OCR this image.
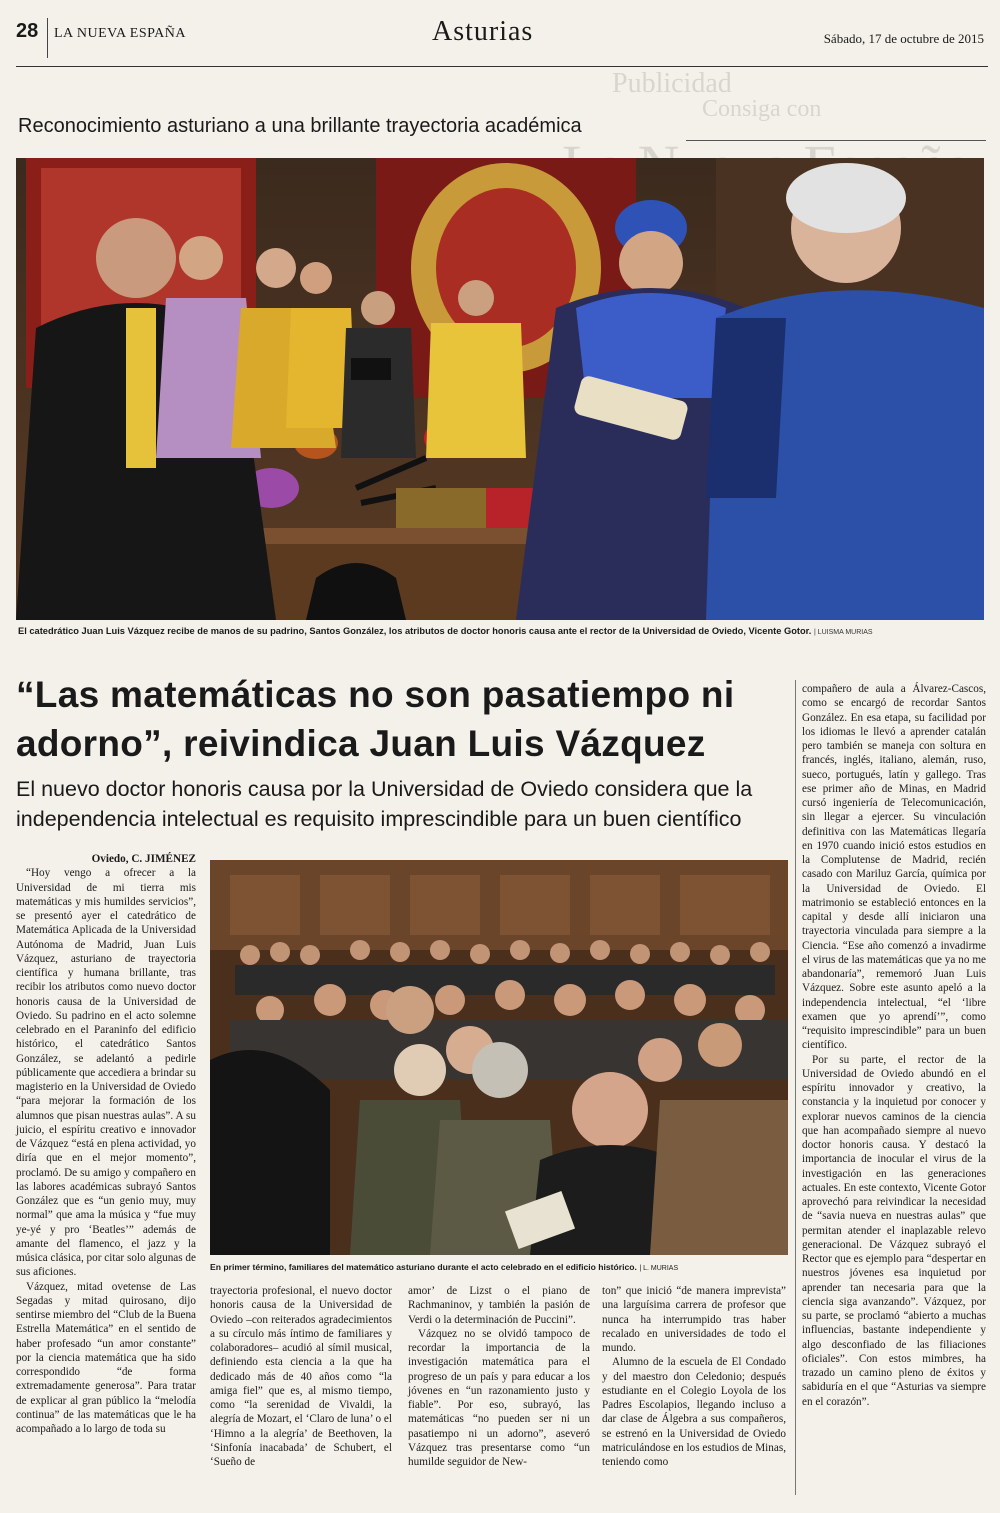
28 LA NUEVA ESPAÑA	Asturias	Sábado, 17 de octubre de 2015
Publicidad
Consiga con
Reconocimiento asturiano a una brillante trayectoria académica
El catedrático Juan Luis Vázquez recibe de manos de su padrino, Santos González, los atributos de doctor honoris causa ante el rector de la Universidad de Oviedo, Vicente Gotor. | LUISMA MURIAS
“Las matemáticas no son pasatiempo ni adorno”, reivindica Juan Luis Vázquez
El nuevo doctor honoris causa por la Universidad de Oviedo considera que la independencia intelectual es requisito imprescindible para un buen científico

Oviedo, C. JIMÉNEZ

“Hoy vengo a ofrecer a la Universidad de mi tierra mis matemáticas y mis humildes servicios”, se presentó ayer el catedrático de Matemática Aplicada de la Universidad Autónoma de Madrid, Juan Luis Vázquez, asturiano de trayectoria científica y humana brillante, tras recibir los atributos como nuevo doctor honoris causa de la Universidad de Oviedo. Su padrino en el acto solemne celebrado en el Paraninfo del edificio histórico, el catedrático Santos González, se adelantó a pedirle públicamente que accediera a brindar su magisterio en la Universidad de Oviedo “para mejorar la formación de los alumnos que pisan nuestras aulas”. A su juicio, el espíritu creativo e innovador de Vázquez “está en plena actividad, yo diría que en el mejor momento”, proclamó. De su amigo y compañero en las labores académicas subrayó Santos González que es “un genio muy, muy normal” que ama la música y “fue muy ye-yé y pro ‘Beatles’” además de amante del flamenco, el jazz y la música clásica, por citar solo algunas de sus aficiones.

Vázquez, mitad ovetense de Las Segadas y mitad quirosano, dijo sentirse miembro del “Club de la Buena Estrella Matemática” en el sentido de haber profesado “un amor constante” por la ciencia matemática que ha sido correspondido “de forma extremadamente generosa”. Para tratar de explicar al gran público la “melodía continua” de las matemáticas que le ha acompañado a lo largo de toda su

En primer término, familiares del matemático asturiano durante el acto celebrado en el edificio histórico. | L. MURIAS

trayectoria profesional, el nuevo doctor honoris causa de la Universidad de Oviedo –con reiterados agradecimientos a su círculo más íntimo de familiares y colaboradores– acudió al símil musical, definiendo esta ciencia a la que ha dedicado más de 40 años como “la amiga fiel” que es, al mismo tiempo, como “la serenidad de Vivaldi, la alegría de Mozart, el ‘Claro de luna’ o el ‘Himno a la alegría’ de Beethoven, la ‘Sinfonía inacabada’ de Schubert, el ‘Sueño de

amor’ de Lizst o el piano de Rachmaninov, y también la pasión de Verdi o la determinación de Puccini”.

Vázquez no se olvidó tampoco de recordar la importancia de la investigación matemática para el progreso de un país y para educar a los jóvenes en “un razonamiento justo y fiable”. Por eso, subrayó, las matemáticas “no pueden ser ni un pasatiempo ni un adorno”, aseveró Vázquez tras presentarse como “un humilde seguidor de New-

ton” que inició “de manera imprevista” una larguísima carrera de profesor que nunca ha interrumpido tras haber recalado en universidades de todo el mundo.

Alumno de la escuela de El Condado y del maestro don Celedonio; después estudiante en el Colegio Loyola de los Padres Escolapios, llegando incluso a dar clase de Álgebra a sus compañeros, se estrenó en la Universidad de Oviedo matriculándose en los estudios de Minas, teniendo como

compañero de aula a Álvarez-Cascos, como se encargó de recordar Santos González. En esa etapa, su facilidad por los idiomas le llevó a aprender catalán pero también se maneja con soltura en francés, inglés, italiano, alemán, ruso, sueco, portugués, latín y gallego. Tras ese primer año de Minas, en Madrid cursó ingeniería de Telecomunicación, sin llegar a ejercer. Su vinculación definitiva con las Matemáticas llegaría en 1970 cuando inició estos estudios en la Complutense de Madrid, recién casado con Mariluz García, química por la Universidad de Oviedo. El matrimonio se estableció entonces en la capital y desde allí iniciaron una trayectoria vinculada para siempre a la Ciencia. “Ese año comenzó a invadirme el virus de las matemáticas que ya no me abandonaría”, rememoró Juan Luis Vázquez. Sobre este asunto apeló a la independencia intelectual, “el ‘libre examen que yo aprendí’”, como “requisito imprescindible” para un buen científico.

Por su parte, el rector de la Universidad de Oviedo abundó en el espíritu innovador y creativo, la constancia y la inquietud por conocer y explorar nuevos caminos de la ciencia que han acompañado siempre al nuevo doctor honoris causa. Y destacó la importancia de inocular el virus de la investigación en las generaciones actuales. En este contexto, Vicente Gotor aprovechó para reivindicar la necesidad de “savia nueva en nuestras aulas” que permitan atender el inaplazable relevo generacional. De Vázquez subrayó el Rector que es ejemplo para “despertar en nuestros jóvenes esa inquietud por aprender tan necesaria para que la ciencia siga avanzando”. Vázquez, por su parte, se proclamó “abierto a muchas influencias, bastante independiente y algo desconfiado de las filiaciones oficiales”. Con estos mimbres, ha trazado un camino pleno de éxitos y sabiduría en el que “Asturias va siempre en el corazón”.
